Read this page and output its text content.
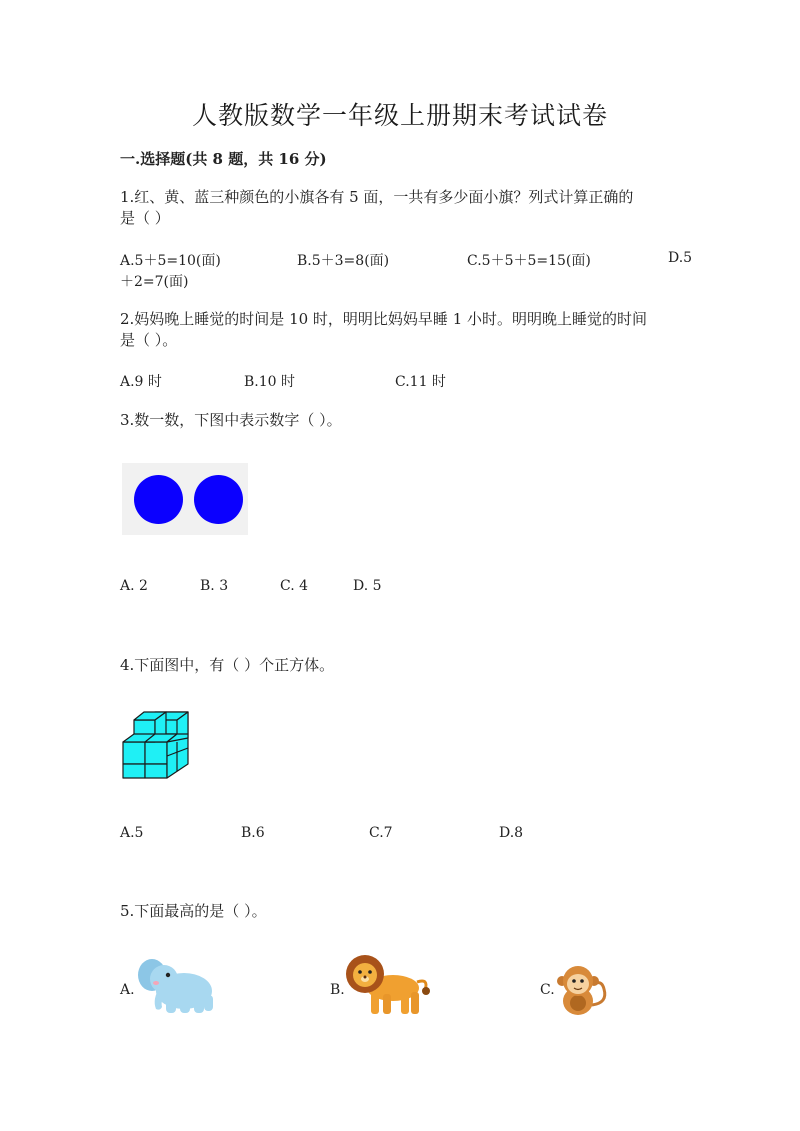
人教版数学一年级上册期末考试试卷
一.选择题(共 8 题，共 16 分)
1.红、黄、蓝三种颜色的小旗各有 5 面，一共有多少面小旗？列式计算正确的
是（ ）
A.5＋5=10(面)	B.5＋3=8(面)	C.5＋5＋5=15(面)	D.5
＋2=7(面)
2.妈妈晚上睡觉的时间是 10 时，明明比妈妈早睡 1 小时。明明晚上睡觉的时间
是（ ）。
A.9 时	B.10 时	C.11 时
3.数一数，下图中表示数字（ ）。
A. 2	B. 3	C. 4	D. 5
4.下面图中，有（ ）个正方体。
A.5	B.6	C.7	D.8
5.下面最高的是（ ）。
A.	B.	C.
